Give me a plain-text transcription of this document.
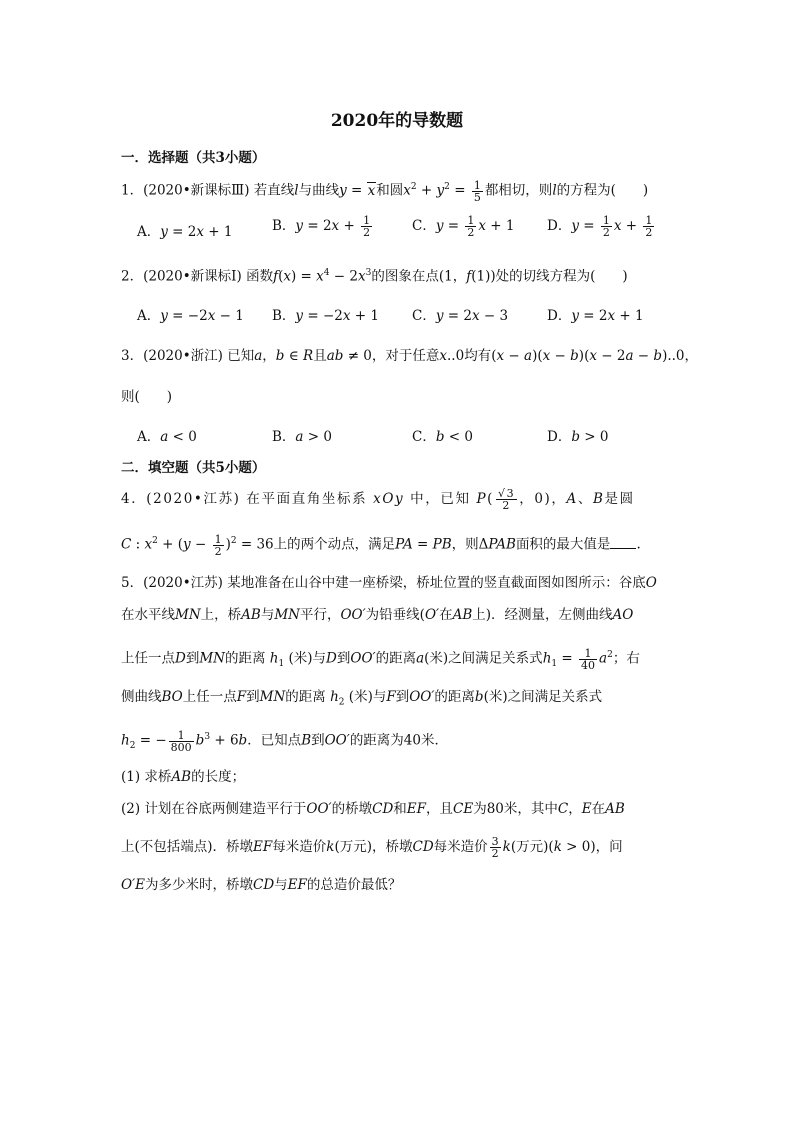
2020年的导数题
一．选择题（共3小题）
1．(2020•新课标Ⅲ) 若直线l与曲线y = x和圆$x^2 + y^2 = \frac{1}{5}$ 都相切，则l的方程为(　　)
A．y = 2x + 1	B．$y = 2x + \frac{1}{2}$	C．$y = \frac{1}{2}$ x + 1 D．$y = \frac{1}{2}$ $x + \frac{1}{2}$
2．(2020•新课标Ⅰ) 函数$f(x) = x^4 - 2x^3$的图象在点(1，f(1))处的切线方程为(　　)
A．y = −2x − 1 B．y = −2x + 1 C．y = 2x − 3	D．y = 2x + 1
3．(2020•浙江) 已知a，b ∈ R且ab ≠ 0，对于任意x..0均有(x − a)(x − b)(x − 2a − b)..0，
则(　　)
A．a < 0	B．a > 0	C．b < 0	D．b > 0
二．填空题（共5小题）
4．(2020•江苏) 在平面直角坐标系 xOy 中，已知 $P( \frac{√3}{2}$ ，0)，A、B是圆
C : $x^2 + (y - \frac{1}{2} )^2 = 36$上的两个动点，满足PA = PB，则ΔPAB面积的最大值是 .
5．(2020•江苏) 某地准备在山谷中建一座桥梁，桥址位置的竖直截面图如图所示：谷底O
在水平线MN上，桥AB与MN平行，OO′为铅垂线(O′在AB上)．经测量，左侧曲线AO
上任一点D到MN的距离 $h_1$ (米)与D到OO′的距离a(米)之间满足关系式$h_1 = \frac{1}{40} a^2$；右
侧曲线BO上任一点F到MN的距离 $h_2$ (米)与F到OO′的距离b(米)之间满足关系式
$h_2$ = − $\frac{1}{800} b^3 + 6b$．已知点B到OO′的距离为40米．
(1) 求桥AB的长度；
(2) 计划在谷底两侧建造平行于OO′的桥墩CD和EF，且CE为80米，其中C，E在AB
上(不包括端点)．桥墩EF每米造价k(万元)，桥墩CD每米造价 $\frac{3}{2} k$(万元)(k > 0)，问
O′E为多少米时，桥墩CD与EF的总造价最低？
